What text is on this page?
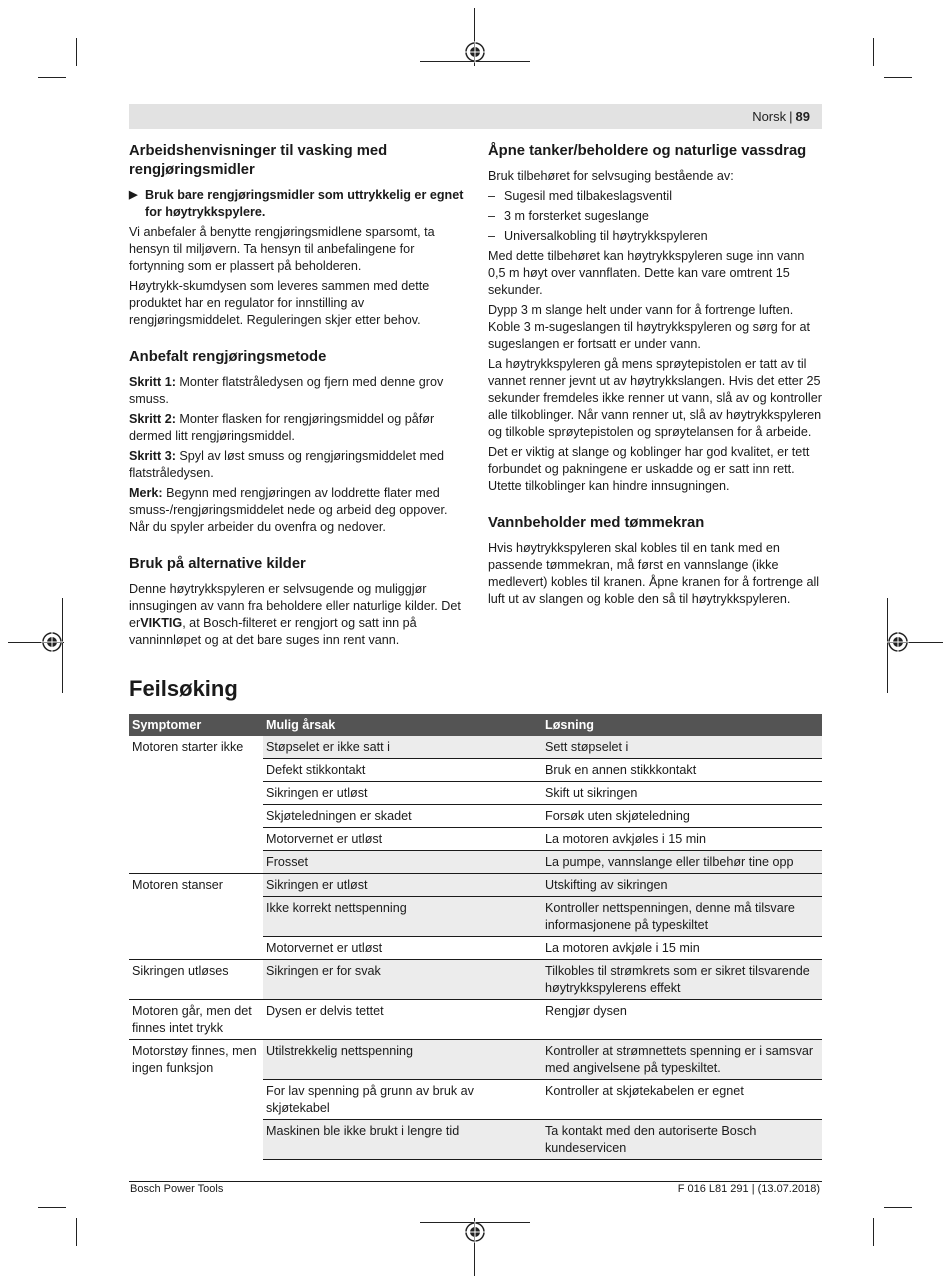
Norsk | 89
Arbeidshenvisninger til vasking med rengjøringsmidler

▶ Bruk bare rengjøringsmidler som uttrykkelig er egnet for høytrykkspylere.

Vi anbefaler å benytte rengjøringsmidlene sparsomt, ta hensyn til miljøvern. Ta hensyn til anbefalingene for fortynning som er plassert på beholderen.

Høytrykk-skumdysen som leveres sammen med dette produktet har en regulator for innstilling av rengjøringsmiddelet. Reguleringen skjer etter behov.

Anbefalt rengjøringsmetode

Skritt 1: Monter flatstråledysen og fjern med denne grov smuss.

Skritt 2: Monter flasken for rengjøringsmiddel og påfør dermed litt rengjøringsmiddel.

Skritt 3: Spyl av løst smuss og rengjøringsmiddelet med flatstråledysen.

Merk: Begynn med rengjøringen av loddrette flater med smuss-/rengjøringsmiddelet nede og arbeid deg oppover. Når du spyler arbeider du ovenfra og nedover.

Bruk på alternative kilder

Denne høytrykkspyleren er selvsugende og muliggjør innsugingen av vann fra beholdere eller naturlige kilder. Det erVIKTIG, at Bosch-filteret er rengjort og satt inn på vanninnløpet og at det bare suges inn rent vann.

Åpne tanker/beholdere og naturlige vassdrag

Bruk tilbehøret for selvsuging bestående av:

– Sugesil med tilbakeslagsventil
– 3 m forsterket sugeslange
– Universalkobling til høytrykkspyleren

Med dette tilbehøret kan høytrykkspyleren suge inn vann 0,5 m høyt over vannflaten. Dette kan vare omtrent 15 sekunder.

Dypp 3 m slange helt under vann for å fortrenge luften. Koble 3 m-sugeslangen til høytrykkspyleren og sørg for at sugeslangen er fortsatt er under vann.

La høytrykkspyleren gå mens sprøytepistolen er tatt av til vannet renner jevnt ut av høytrykkslangen. Hvis det etter 25 sekunder fremdeles ikke renner ut vann, slå av og kontroller alle tilkoblinger. Når vann renner ut, slå av høytrykkspyleren og tilkoble sprøytepistolen og sprøytelansen for å arbeide.

Det er viktig at slange og koblinger har god kvalitet, er tett forbundet og pakningene er uskadde og er satt inn rett. Utette tilkoblinger kan hindre innsugningen.

Vannbeholder med tømmekran

Hvis høytrykkspyleren skal kobles til en tank med en passende tømmekran, må først en vannslange (ikke medlevert) kobles til kranen. Åpne kranen for å fortrenge all luft ut av slangen og koble den så til høytrykkspyleren.

Feilsøking
Symptomer	Mulig årsak	Løsning
Motoren starter ikke	Støpselet er ikke satt i	Sett støpselet i
	Defekt stikkontakt	Bruk en annen stikkkontakt
	Sikringen er utløst	Skift ut sikringen
	Skjøteledningen er skadet	Forsøk uten skjøteledning
	Motorvernet er utløst	La motoren avkjøles i 15 min
	Frosset	La pumpe, vannslange eller tilbehør tine opp
Motoren stanser	Sikringen er utløst	Utskifting av sikringen
	Ikke korrekt nettspenning	Kontroller nettspenningen, denne må tilsvare informasjonene på typeskiltet
	Motorvernet er utløst	La motoren avkjøle i 15 min
Sikringen utløses	Sikringen er for svak	Tilkobles til strømkrets som er sikret tilsvarende høytrykkspylerens effekt
Motoren går, men det finnes intet trykk	Dysen er delvis tettet	Rengjør dysen
Motorstøy finnes, men ingen funksjon	Utilstrekkelig nettspenning	Kontroller at strømnettets spenning er i samsvar med angivelsene på typeskiltet.
	For lav spenning på grunn av bruk av skjøtekabel	Kontroller at skjøtekabelen er egnet
	Maskinen ble ikke brukt i lengre tid	Ta kontakt med den autoriserte Bosch kundeservicen
Bosch Power Tools	F 016 L81 291 | (13.07.2018)
